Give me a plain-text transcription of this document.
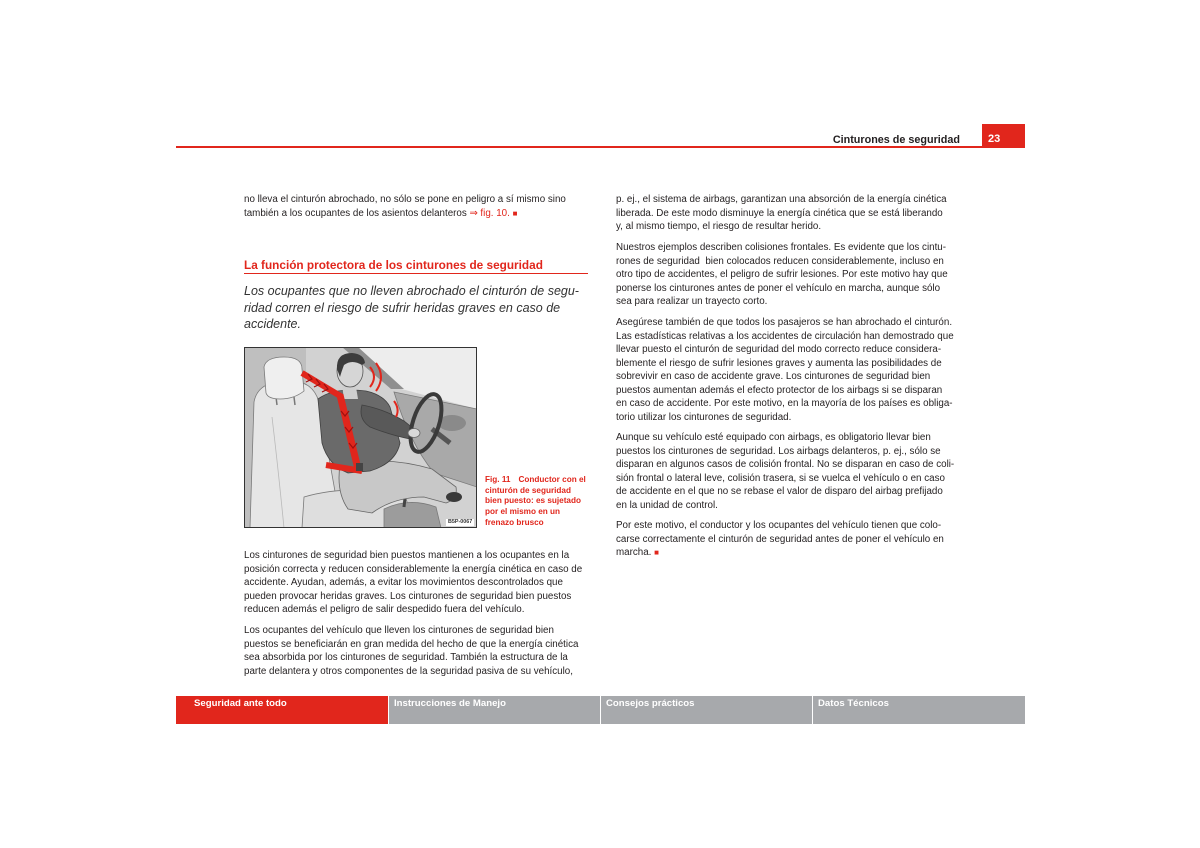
Cinturones de seguridad	23
no lleva el cinturón abrochado, no sólo se pone en peligro a sí mismo sino
también a los ocupantes de los asientos delanteros ⇒ fig. 10. ■
La función protectora de los cinturones de seguridad
Los ocupantes que no lleven abrochado el cinturón de segu-
ridad corren el riesgo de sufrir heridas graves en caso de
accidente.
B5P-0067
Fig. 11 Conductor con el
cinturón de seguridad
bien puesto: es sujetado
por el mismo en un
frenazo brusco
Los cinturones de seguridad bien puestos mantienen a los ocupantes en la
posición correcta y reducen considerablemente la energía cinética en caso de
accidente. Ayudan, además, a evitar los movimientos descontrolados que
pueden provocar heridas graves. Los cinturones de seguridad bien puestos
reducen además el peligro de salir despedido fuera del vehículo.
Los ocupantes del vehículo que lleven los cinturones de seguridad bien
puestos se beneficiarán en gran medida del hecho de que la energía cinética
sea absorbida por los cinturones de seguridad. También la estructura de la
parte delantera y otros componentes de la seguridad pasiva de su vehículo,
p. ej., el sistema de airbags, garantizan una absorción de la energía cinética
liberada. De este modo disminuye la energía cinética que se está liberando
y, al mismo tiempo, el riesgo de resultar herido.
Nuestros ejemplos describen colisiones frontales. Es evidente que los cintu-
rones de seguridad  bien colocados reducen considerablemente, incluso en
otro tipo de accidentes, el peligro de sufrir lesiones. Por este motivo hay que
ponerse los cinturones antes de poner el vehículo en marcha, aunque sólo
sea para realizar un trayecto corto.
Asegúrese también de que todos los pasajeros se han abrochado el cinturón.
Las estadísticas relativas a los accidentes de circulación han demostrado que
llevar puesto el cinturón de seguridad del modo correcto reduce considera-
blemente el riesgo de sufrir lesiones graves y aumenta las posibilidades de
sobrevivir en caso de accidente grave. Los cinturones de seguridad bien
puestos aumentan además el efecto protector de los airbags si se disparan
en caso de accidente. Por este motivo, en la mayoría de los países es obliga-
torio utilizar los cinturones de seguridad.
Aunque su vehículo esté equipado con airbags, es obligatorio llevar bien
puestos los cinturones de seguridad. Los airbags delanteros, p. ej., sólo se
disparan en algunos casos de colisión frontal. No se disparan en caso de coli-
sión frontal o lateral leve, colisión trasera, si se vuelca el vehículo o en caso
de accidente en el que no se rebase el valor de disparo del airbag prefijado
en la unidad de control.
Por este motivo, el conductor y los ocupantes del vehículo tienen que colo-
carse correctamente el cinturón de seguridad antes de poner el vehículo en
marcha. ■
Seguridad ante todo	Instrucciones de Manejo	Consejos prácticos	Datos Técnicos
